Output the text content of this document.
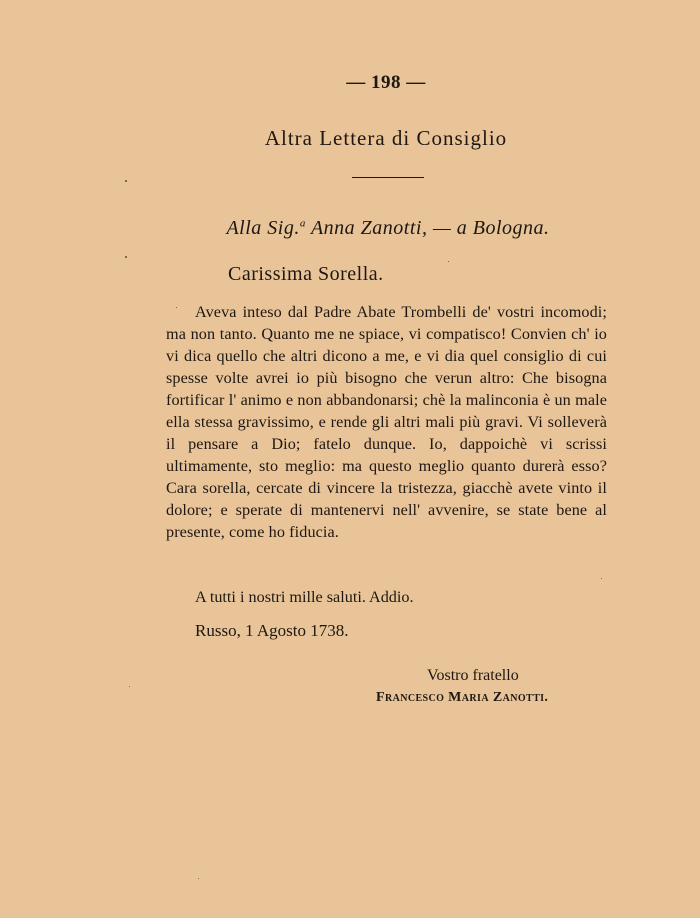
— 198 —
Altra Lettera di Consiglio
Alla Sig.$^a$ Anna Zanotti, — a Bologna.
Carissima Sorella.
Aveva inteso dal Padre Abate Trombelli de' vostri incomodi; ma non tanto. Quanto me ne spiace, vi compatisco! Convien ch' io vi dica quello che altri dicono a me, e vi dia quel consiglio di cui spesse volte avrei io più bisogno che verun altro: Che bisogna fortificar l' animo e non abbandonarsi; chè la malinconia è un male ella stessa gravissimo, e rende gli altri mali più gravi. Vi solleverà il pensare a Dio; fatelo dunque. Io, dappoichè vi scrissi ultimamente, sto meglio: ma questo meglio quanto durerà esso? Cara sorella, cercate di vincere la tristezza, giacchè avete vinto il dolore; e sperate di mantenervi nell' avvenire, se state bene al presente, come ho fiducia.
A tutti i nostri mille saluti. Addio.
Russo, 1 Agosto 1738.
Vostro fratello
Francesco Maria Zanotti.
